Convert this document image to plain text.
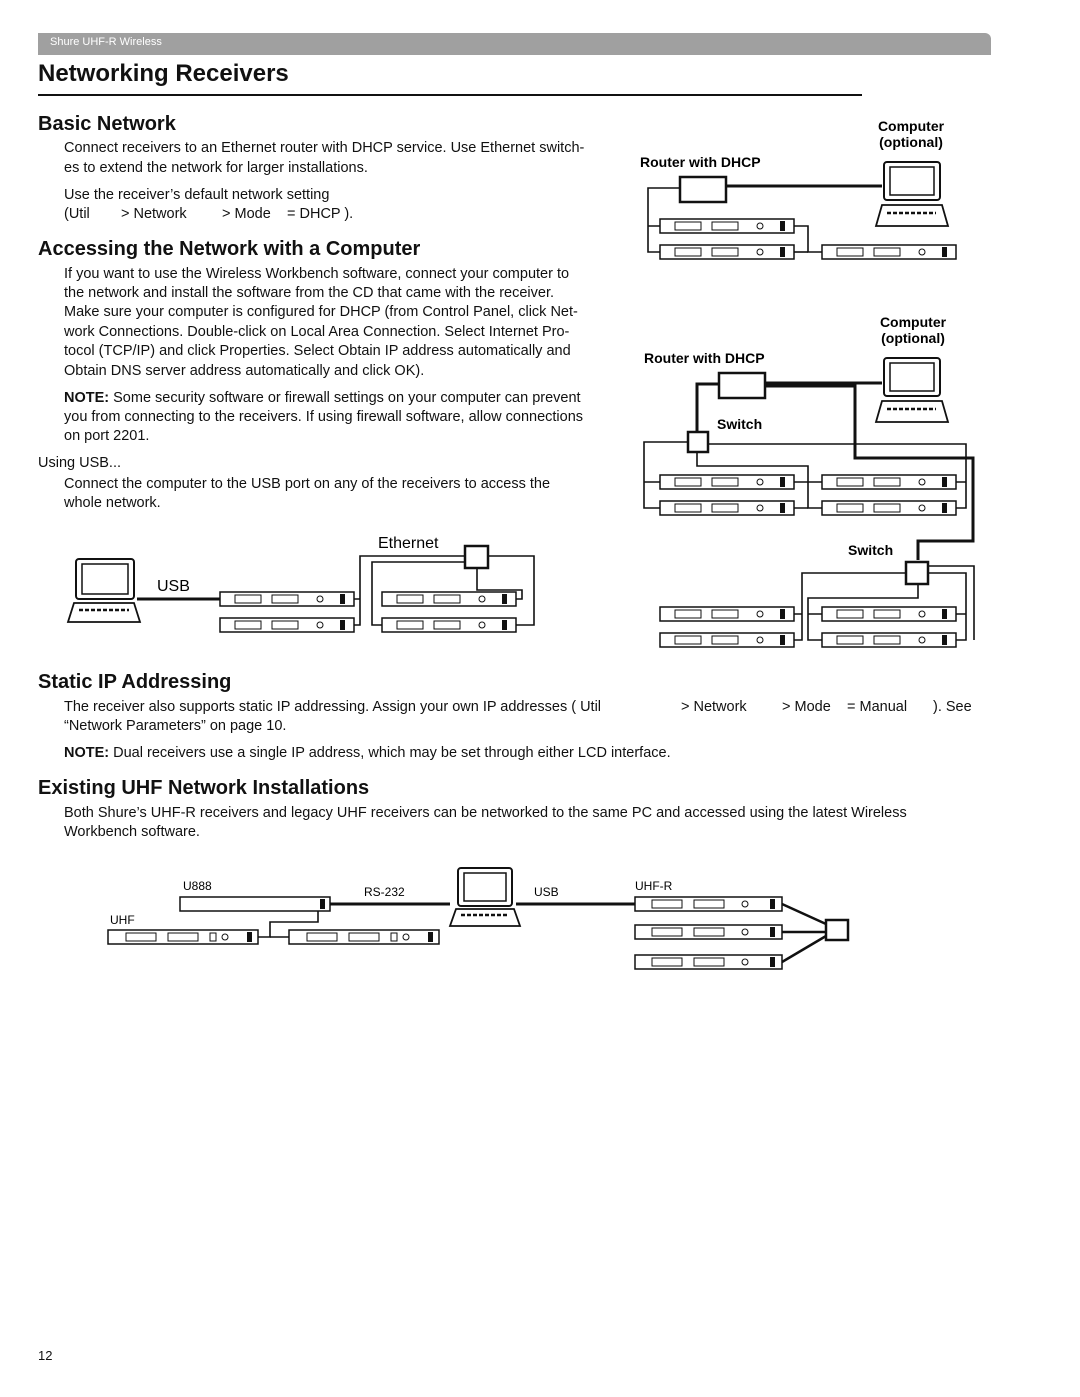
Shure UHF-R Wireless
Networking Receivers
Basic Network

Connect receivers to an Ethernet router with DHCP service. Use Ethernet switch-

es to extend the network for larger installations.

Use the receiver’s default network setting

(Util > Network > Mode = DHCP ).

Accessing the Network with a Computer

If you want to use the Wireless Workbench software, connect your computer to

the network and install the software from the CD that came with the receiver.

Make sure your computer is configured for DHCP (from Control Panel, click Net-

work Connections. Double-click on Local Area Connection. Select Internet Pro-

tocol (TCP/IP) and click Properties. Select Obtain IP address automatically and

Obtain DNS server address automatically and click OK).

NOTE: Some security software or firewall settings on your computer can prevent

you from connecting to the receivers. If using firewall software, allow connections

on port 2201.

Using USB...

Connect the computer to the USB port on any of the receivers to access the

whole network.

Static IP Addressing

The receiver also supports static IP addressing. Assign your own IP addresses ( Util	> Network > Mode = Manual ). See

“Network Parameters” on page 10.

NOTE: Dual receivers use a single IP address, which may be set through either LCD interface.

Existing UHF Network Installations

Both Shure’s UHF-R receivers and legacy UHF receivers can be networked to the same PC and accessed using the latest Wireless

Workbench software.

12
Computer
(optional)
Router with DHCP
Computer
(optional)
Router with DHCP
Switch
Switch
Ethernet
USB
U888	RS-232	USB	UHF-R
UHF
